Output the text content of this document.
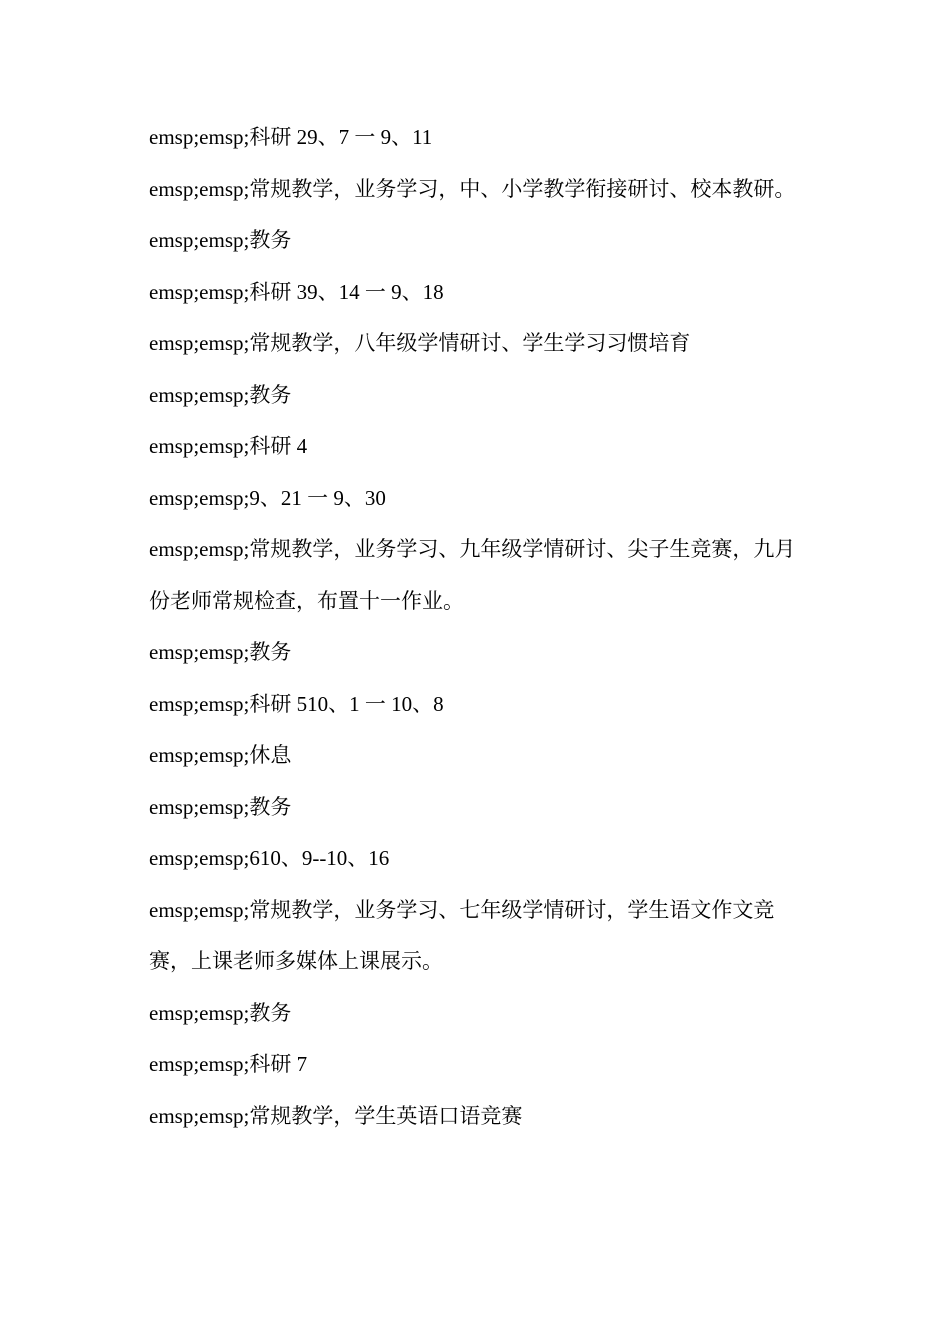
emsp;emsp;科研 29、7 一 9、11
emsp;emsp;常规教学，业务学习，中、小学教学衔接研讨、校本教研。
emsp;emsp;教务
emsp;emsp;科研 39、14 一 9、18
emsp;emsp;常规教学，八年级学情研讨、学生学习习惯培育
emsp;emsp;教务
emsp;emsp;科研 4
emsp;emsp;9、21 一 9、30
emsp;emsp;常规教学，业务学习、九年级学情研讨、尖子生竞赛，九月份老师常规检查，布置十一作业。
emsp;emsp;教务
emsp;emsp;科研 510、1 一 10、8
emsp;emsp;休息
emsp;emsp;教务
emsp;emsp;610、9--10、16
emsp;emsp;常规教学，业务学习、七年级学情研讨，学生语文作文竞赛，上课老师多媒体上课展示。
emsp;emsp;教务
emsp;emsp;科研 7
emsp;emsp;常规教学，学生英语口语竞赛
